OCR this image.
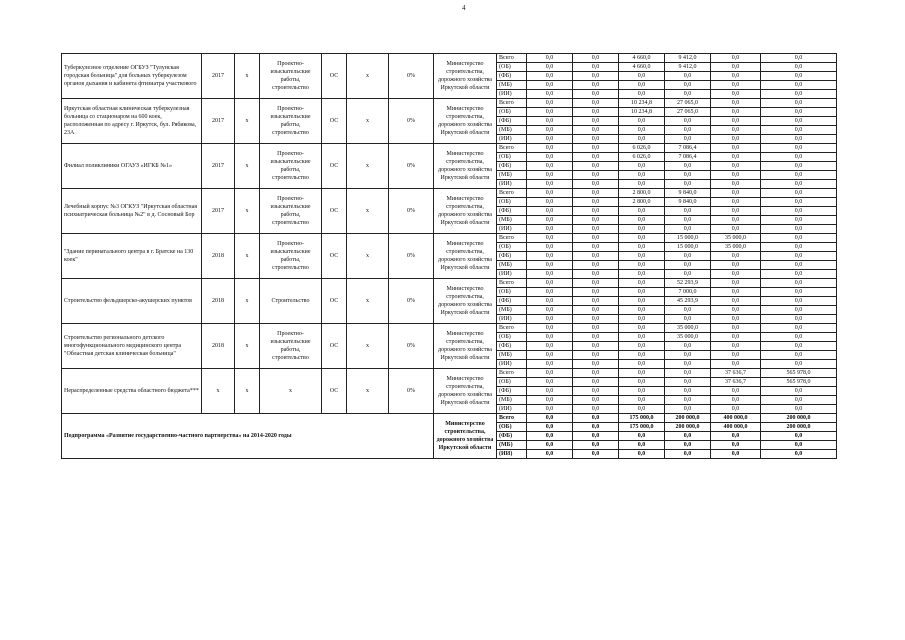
4
Туберкулезное отделение ОГБУЗ "Тулунская городская больница" для больных туберкулезом органов дыхания и кабинета фтизиатра участкового	2017	x	Проектно-изыскательские работы, строительство	ОС	x	0%	Министерство строительства, дорожного хозяйства Иркутской области	Всего	0,0	0,0	4 660,0	9 412,0	0,0	0,0
								(ОБ)	0,0	0,0	4 660,0	9 412,0	0,0	0,0
								(ФБ)	0,0	0,0	0,0	0,0	0,0	0,0
								(МБ)	0,0	0,0	0,0	0,0	0,0	0,0
								(ИИ)	0,0	0,0	0,0	0,0	0,0	0,0
Иркутская областная клиническая туберкулезная больница со стационаром на 600 коек, расположенная по адресу г. Иркутск, бул. Рябикова, 23А	2017	x	Проектно-изыскательские работы, строительство	ОС	x	0%	Министерство строительства, дорожного хозяйства Иркутской области	Всего	0,0	0,0	10 234,8	27 065,0	0,0	0,0
								(ОБ)	0,0	0,0	10 234,8	27 065,0	0,0	0,0
								(ФБ)	0,0	0,0	0,0	0,0	0,0	0,0
								(МБ)	0,0	0,0	0,0	0,0	0,0	0,0
								(ИИ)	0,0	0,0	0,0	0,0	0,0	0,0
Филиал поликлиники ОГАУЗ «ИГКБ №1»	2017	x	Проектно-изыскательские работы, строительство	ОС	x	0%	Министерство строительства, дорожного хозяйства Иркутской области	Всего	0,0	0,0	6 026,0	7 086,4	0,0	0,0
								(ОБ)	0,0	0,0	6 026,0	7 086,4	0,0	0,0
								(ФБ)	0,0	0,0	0,0	0,0	0,0	0,0
								(МБ)	0,0	0,0	0,0	0,0	0,0	0,0
								(ИИ)	0,0	0,0	0,0	0,0	0,0	0,0
Лечебный корпус №3 ОГКУЗ "Иркутская областная психиатрическая больница №2" в д. Сосновый Бор	2017	x	Проектно-изыскательские работы, строительство	ОС	x	0%	Министерство строительства, дорожного хозяйства Иркутской области	Всего	0,0	0,0	2 800,0	9 840,0	0,0	0,0
								(ОБ)	0,0	0,0	2 800,0	9 840,0	0,0	0,0
								(ФБ)	0,0	0,0	0,0	0,0	0,0	0,0
								(МБ)	0,0	0,0	0,0	0,0	0,0	0,0
								(ИИ)	0,0	0,0	0,0	0,0	0,0	0,0
"Здание перинатального центра в г. Братске на 130 коек"	2018	x	Проектно-изыскательские работы, строительство	ОС	x	0%	Министерство строительства, дорожного хозяйства Иркутской области	Всего	0,0	0,0	0,0	15 000,0	35 000,0	0,0
								(ОБ)	0,0	0,0	0,0	15 000,0	35 000,0	0,0
								(ФБ)	0,0	0,0	0,0	0,0	0,0	0,0
								(МБ)	0,0	0,0	0,0	0,0	0,0	0,0
								(ИИ)	0,0	0,0	0,0	0,0	0,0	0,0
Строительство фельдшерско-акушерских пунктов	2018	x	Строительство	ОС	x	0%	Министерство строительства, дорожного хозяйства Иркутской области	Всего	0,0	0,0	0,0	52 293,9	0,0	0,0
								(ОБ)	0,0	0,0	0,0	7 000,0	0,0	0,0
								(ФБ)	0,0	0,0	0,0	45 293,9	0,0	0,0
								(МБ)	0,0	0,0	0,0	0,0	0,0	0,0
								(ИИ)	0,0	0,0	0,0	0,0	0,0	0,0
Строительство регионального детского многофункционального медицинского центра "Областная детская клиническая больница"	2018	x	Проектно-изыскательские работы, строительство	ОС	x	0%	Министерство строительства, дорожного хозяйства Иркутской области	Всего	0,0	0,0	0,0	35 000,0	0,0	0,0
								(ОБ)	0,0	0,0	0,0	35 000,0	0,0	0,0
								(ФБ)	0,0	0,0	0,0	0,0	0,0	0,0
								(МБ)	0,0	0,0	0,0	0,0	0,0	0,0
								(ИИ)	0,0	0,0	0,0	0,0	0,0	0,0
Нераспределенные средства областного бюджета***	x	x	x	ОС	x	0%	Министерство строительства, дорожного хозяйства Иркутской области	Всего	0,0	0,0	0,0	0,0	37 636,7	565 978,0
								(ОБ)	0,0	0,0	0,0	0,0	37 636,7	565 978,0
								(ФБ)	0,0	0,0	0,0	0,0	0,0	0,0
								(МБ)	0,0	0,0	0,0	0,0	0,0	0,0
								(ИИ)	0,0	0,0	0,0	0,0	0,0	0,0
Подпрограмма «Развитие государственно-частного партнерства» на 2014-2020 годы							Министерство строительства, дорожного хозяйства Иркутской области	Всего	0,0	0,0	175 000,0	200 000,0	400 000,0	200 000,0
								(ОБ)	0,0	0,0	175 000,0	200 000,0	400 000,0	200 000,0
								(ФБ)	0,0	0,0	0,0	0,0	0,0	0,0
								(МБ)	0,0	0,0	0,0	0,0	0,0	0,0
								(ИИ)	0,0	0,0	0,0	0,0	0,0	0,0
